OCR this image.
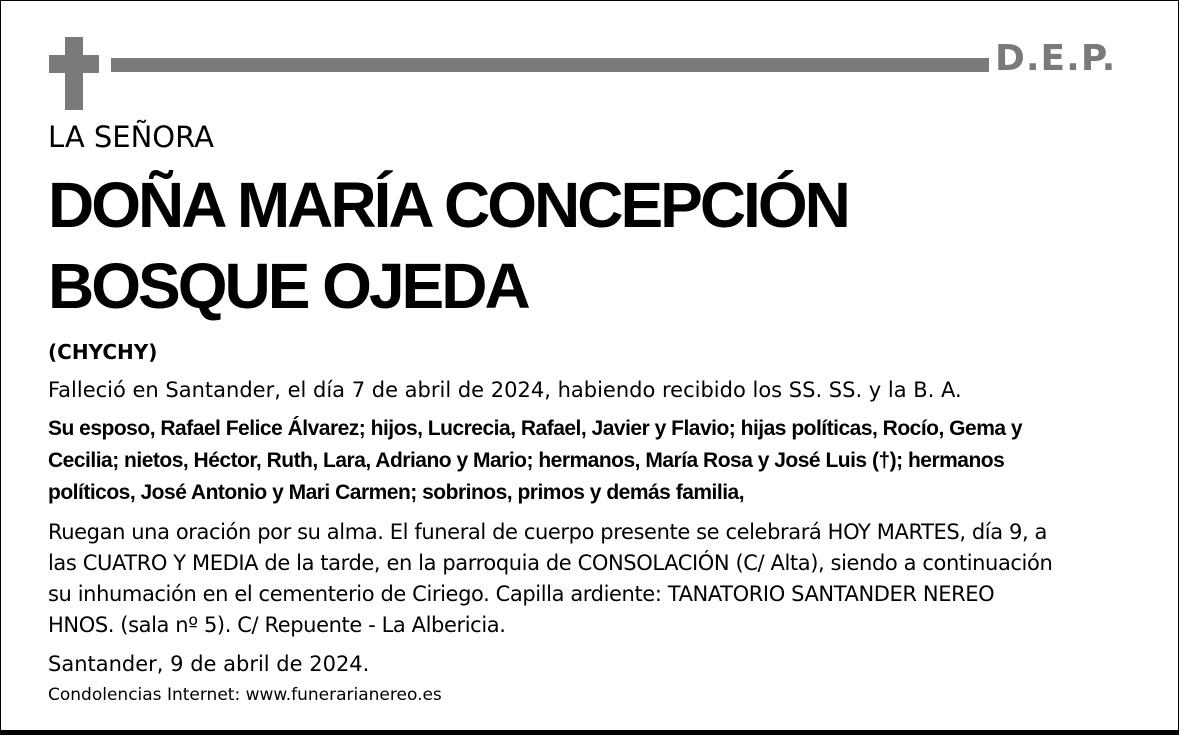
D.E.P.
LA SEÑORA
DOÑA MARÍA CONCEPCIÓN
BOSQUE OJEDA
(CHYCHY)
Falleció en Santander, el día 7 de abril de 2024, habiendo recibido los SS. SS. y la B. A.
Su esposo, Rafael Felice Álvarez; hijos, Lucrecia, Rafael, Javier y Flavio; hijas políticas, Rocío, Gema y
Cecilia; nietos, Héctor, Ruth, Lara, Adriano y Mario; hermanos, María Rosa y José Luis (†); hermanos
políticos, José Antonio y Mari Carmen; sobrinos, primos y demás familia,
Ruegan una oración por su alma. El funeral de cuerpo presente se celebrará HOY MARTES, día 9, a
las CUATRO Y MEDIA de la tarde, en la parroquia de CONSOLACIÓN (C/ Alta), siendo a continuación
su inhumación en el cementerio de Ciriego. Capilla ardiente: TANATORIO SANTANDER NEREO
HNOS. (sala nº 5). C/ Repuente - La Albericia.
Santander, 9 de abril de 2024.
Condolencias Internet: www.funerarianereo.es
